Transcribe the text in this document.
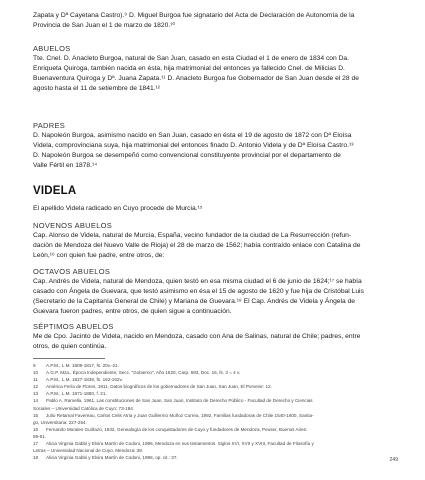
Zapata y Dª Cayetana Castro).⁹ D. Miguel Burgoa fue signatario del Acta de Declaración de Autonomía de la

Provincia de San Juan el 1 de marzo de 1820.¹⁰

ABUELOS

Tte. Cnel. D. Anacleto Burgoa, natural de San Juan, casado en esta Ciudad el 1 de enero de 1834 con Da.

Enriqueta Quiroga, también nacida en ésta, hija matrimonial del entonces ya fallecido Cnel. de Milicias D.

Buenaventura Quiroga y Dª. Juana Zapata.¹¹ D. Anacleto Burgoa fue Gobernador de San Juan desde el 28 de

agosto hasta el 11 de setiembre de 1841.¹²

PADRES

D. Napoleón Burgoa, asimismo nacido en San Juan, casado en ésta el 19 de agosto de 1872 con Dª Eloísa

Videla, comprovinciana suya, hija matrimonial del entonces finado D. Antonio Videla y de Dª Eloísa Castro.¹³

D. Napoleón Burgoa se desempeñó como convencional constituyente provincial por el departamento de

Valle Fértil en 1878.¹⁴

VIDELA

El apellido Videla radicado en Cuyo procede de Murcia.¹⁵

NOVENOS ABUELOS

Cap. Alonso de Videla, natural de Murcia, España, vecino fundador de la ciudad de La Resurrección (refun-

dación de Mendoza del Nuevo Valle de Rioja) el 28 de marzo de 1562; había contraído enlace con Catalina de

León,¹⁶ con quien fue padre, entre otros, de:

OCTAVOS ABUELOS

Cap. Andrés de Videla, natural de Mendoza, quien testó en esa misma ciudad el 6 de junio de 1624;¹⁷ se había

casado con Ángela de Guevara, que testó asimismo en ésa el 15 de agosto de 1620 y fue hija de Cristóbal Luis

(Secretario de la Capitanía General de Chile) y Mariana de Guevara.¹⁸ El Cap. Andrés de Videla y Ángela de

Guevara fueron padres, entre otros, de quien sigue a continuación.

SÉPTIMOS ABUELOS

Me de Cpo. Jacinto de Videla, nacido en Mendoza, casado con Ana de Salinas, natural de Chile; padres, entre

otros, de quien continúa.

9	A.P.M., L.M. 1809-1817, fs. 20v.-21.
10	A.G.P. Mza., Época Independiente, Secc. "Gobierno", Año 1820, Carp. 683, Doc. 16, fs. 3 = 4 v.
11	A.P.M., L.M. 1827-1838, fs. 162-162v.
12	América Fería de Flores, 1911, Datos biográficos de los gobernadores de San Juan, San Juan, El Porvenir: 12.
13	A.P.M., L.M. 1871-1880, f. 21.
14	Pablo A. Ramella, 1961, Las constituciones de San Juan, San Juan, Instituto de Derecho Público - Facultad de Derecho y Ciencias
Sociales – Universidad Católica de Cuyo: 73-184.
15	Julio Retamal Favereau, Carlos Celis Atria y Juan Guillermo Muñoz Correa, 1992, Familias fundadoras de Chile 1540-1600, Santia-
go, Universitaria: 227-254.
16	Fernando Morales Guiñazú, 1932, Genealogía de los conquistadores de Cuyo y fundadores de Mendoza, Peuser, Buenos Aires:
59-61.
17	Alicia Virginia Gabbi y Elvira Martín de Codoni, 1996, Mendoza en sus testamentos. Siglos XVI, XVII y XVIII, Facultad de Filosofía y
Letras – Universidad Nacional de Cuyo, Mendoza: 39.
18	Alicia Virginia Gabbi y Elvira Martín de Codoni, 1996, op. cit.: 37.	249
